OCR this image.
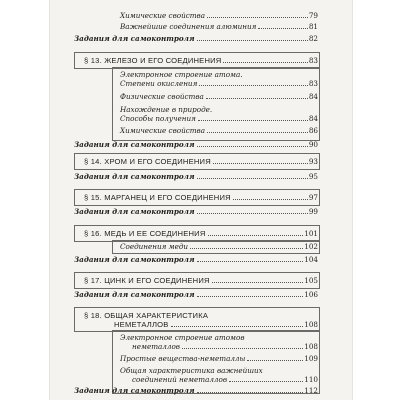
Химические свойства	79
Важнейшие соединения алюминия	81
Задания для самоконтроля	82
§ 13. ЖЕЛЕЗО И ЕГО СОЕДИНЕНИЯ	83
Электронное строение атома.
Степени окисления	83
Физические свойства	84
Нахождение в природе.
Способы получения	84
Химические свойства	86
Задания для самоконтроля	90
§ 14. ХРОМ И ЕГО СОЕДИНЕНИЯ	93
Задания для самоконтроля	95
§ 15. МАРГАНЕЦ И ЕГО СОЕДИНЕНИЯ	97
Задания для самоконтроля	99
§ 16. МЕДЬ И ЕЕ СОЕДИНЕНИЯ	101
Соединения меди	102
Задания для самоконтроля	104
§ 17. ЦИНК И ЕГО СОЕДИНЕНИЯ	105
Задания для самоконтроля	106
§ 18. ОБЩАЯ ХАРАКТЕРИСТИКА
НЕМЕТАЛЛОВ	108
Электронное строение атомов
неметаллов	108
Простые вещества-неметаллы	109
Общая характеристика важнейших
соединений неметаллов	110
Задания для самоконтроля	112
